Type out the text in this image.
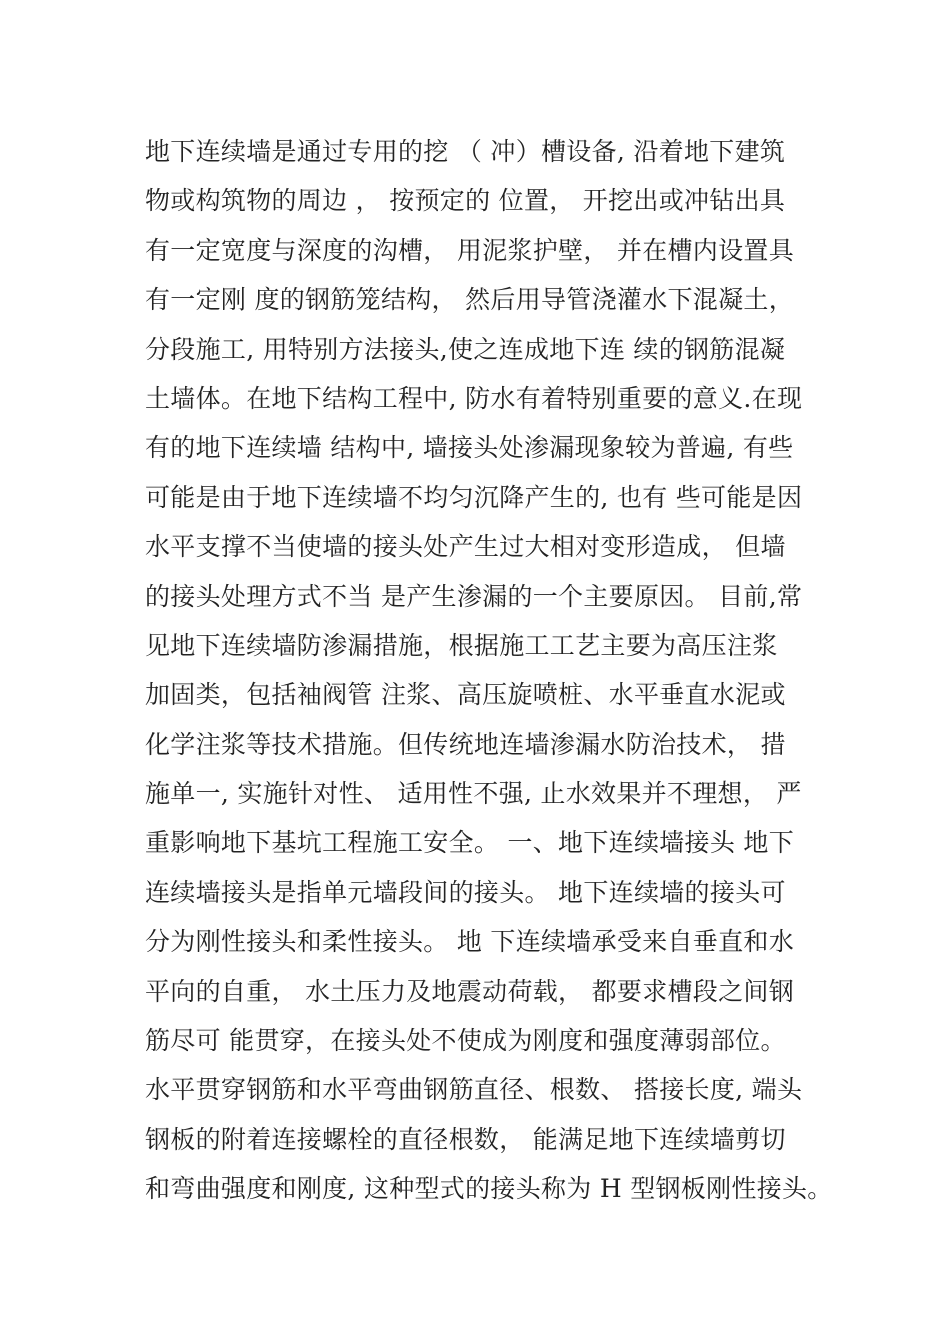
地下连续墙是通过专用的挖 （ 冲）槽设备, 沿着地下建筑
物或构筑物的周边 ， 按预定的 位置， 开挖出或冲钻出具
有一定宽度与深度的沟槽， 用泥浆护壁， 并在槽内设置具
有一定刚 度的钢筋笼结构， 然后用导管浇灌水下混凝土，
分段施工, 用特别方法接头,使之连成地下连 续的钢筋混凝
土墙体。在地下结构工程中, 防水有着特别重要的意义.在现
有的地下连续墙 结构中, 墙接头处渗漏现象较为普遍, 有些
可能是由于地下连续墙不均匀沉降产生的, 也有 些可能是因
水平支撑不当使墙的接头处产生过大相对变形造成， 但墙
的接头处理方式不当 是产生渗漏的一个主要原因。 目前,常
见地下连续墙防渗漏措施，根据施工工艺主要为高压注浆
加固类，包括袖阀管 注浆、高压旋喷桩、水平垂直水泥或
化学注浆等技术措施。但传统地连墙渗漏水防治技术， 措
施单一, 实施针对性、 适用性不强, 止水效果并不理想， 严
重影响地下基坑工程施工安全。 一、地下连续墙接头 地下
连续墙接头是指单元墙段间的接头。 地下连续墙的接头可
分为刚性接头和柔性接头。 地 下连续墙承受来自垂直和水
平向的自重， 水土压力及地震动荷载， 都要求槽段之间钢
筋尽可 能贯穿，在接头处不使成为刚度和强度薄弱部位。
水平贯穿钢筋和水平弯曲钢筋直径、根数、 搭接长度, 端头
钢板的附着连接螺栓的直径根数， 能满足地下连续墙剪切
和弯曲强度和刚度, 这种型式的接头称为 H 型钢板刚性接头。
